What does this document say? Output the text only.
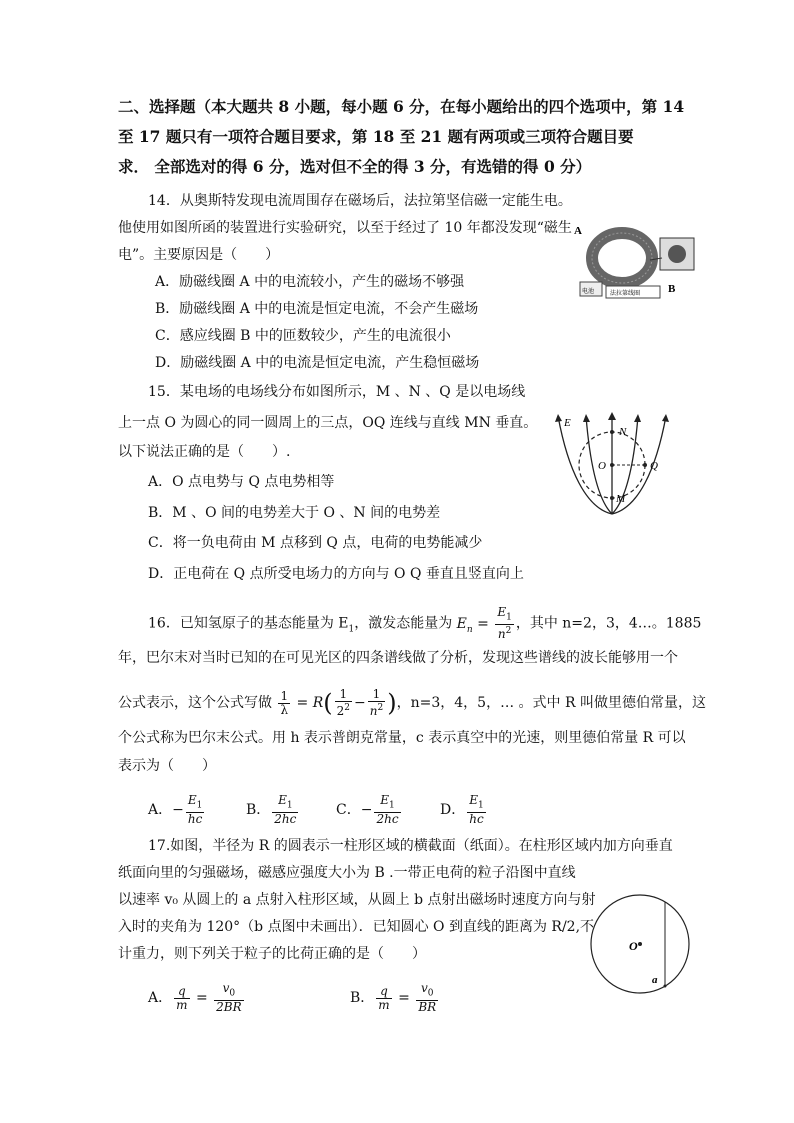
二、选择题（本大题共 8 小题，每小题 6 分，在每小题给出的四个选项中，第 14
至 17 题只有一项符合题目要求，第 18 至 21 题有两项或三项符合题目要
求． 全部选对的得 6 分，选对但不全的得 3 分，有选错的得 0 分）
14．从奥斯特发现电流周围存在磁场后，法拉第坚信磁一定能生电。
他使用如图所函的装置进行实验研究，以至于经过了 10 年都没发现“磁生
电”。主要原因是（　　）
A．励磁线圈 A 中的电流较小，产生的磁场不够强
B．励磁线圈 A 中的电流是恒定电流，不会产生磁场
C．感应线圈 B 中的匝数较少，产生的电流很小
D．励磁线圈 A 中的电流是恒定电流，产生稳恒磁场
A
B
电池	法拉第线圈
15．某电场的电场线分布如图所示，M 、N 、Q 是以电场线
上一点 O 为圆心的同一圆周上的三点，OQ 连线与直线 MN 垂直。
以下说法正确的是（　　）.
A．O 点电势与 Q 点电势相等
B．M 、O 间的电势差大于 O 、N 间的电势差
C．将一负电荷由 M 点移到 Q 点，电荷的电势能减少
D．正电荷在 Q 点所受电场力的方向与 O Q 垂直且竖直向上
E
N
O	Q
M
16．已知氢原子的基态能量为 $E_1$，激发态能量为 $E_n = \frac{E_1}{n^2}$ ，其中 n=2，3，4…。1885
年，巴尔末对当时已知的在可见光区的四条谱线做了分析，发现这些谱线的波长能够用一个
公式表示，这个公式写做 $\frac{1}{\lambda} = R( \frac{1}{2^2} - \frac{1}{n^2}$ )，n=3，4，5，… 。式中 R 叫做里德伯常量，这
个公式称为巴尔末公式。用 h 表示普朗克常量，c 表示真空中的光速，则里德伯常量 R 可以
表示为（　　）
A．− $\frac{E_1}{hc}$	B． $\frac{E_1}{2hc}$	C．− $\frac{E_1}{2hc}$	D． $\frac{E_1}{hc}$
17.如图，半径为 R 的圆表示一柱形区域的横截面（纸面）。在柱形区域内加方向垂直
纸面向里的匀强磁场，磁感应强度大小为 B .一带正电荷的粒子沿图中直线
以速率 v₀ 从圆上的 a 点射入柱形区域，从圆上 b 点射出磁场时速度方向与射
入时的夹角为 120°（b 点图中未画出）．已知圆心 O 到直线的距离为 R/2,不
计重力，则下列关于粒子的比荷正确的是（　　）
A． $\frac{q}{m} = \frac{v_0}{2BR}$	B． $\frac{q}{m} = \frac{v_0}{BR}$
O
a
